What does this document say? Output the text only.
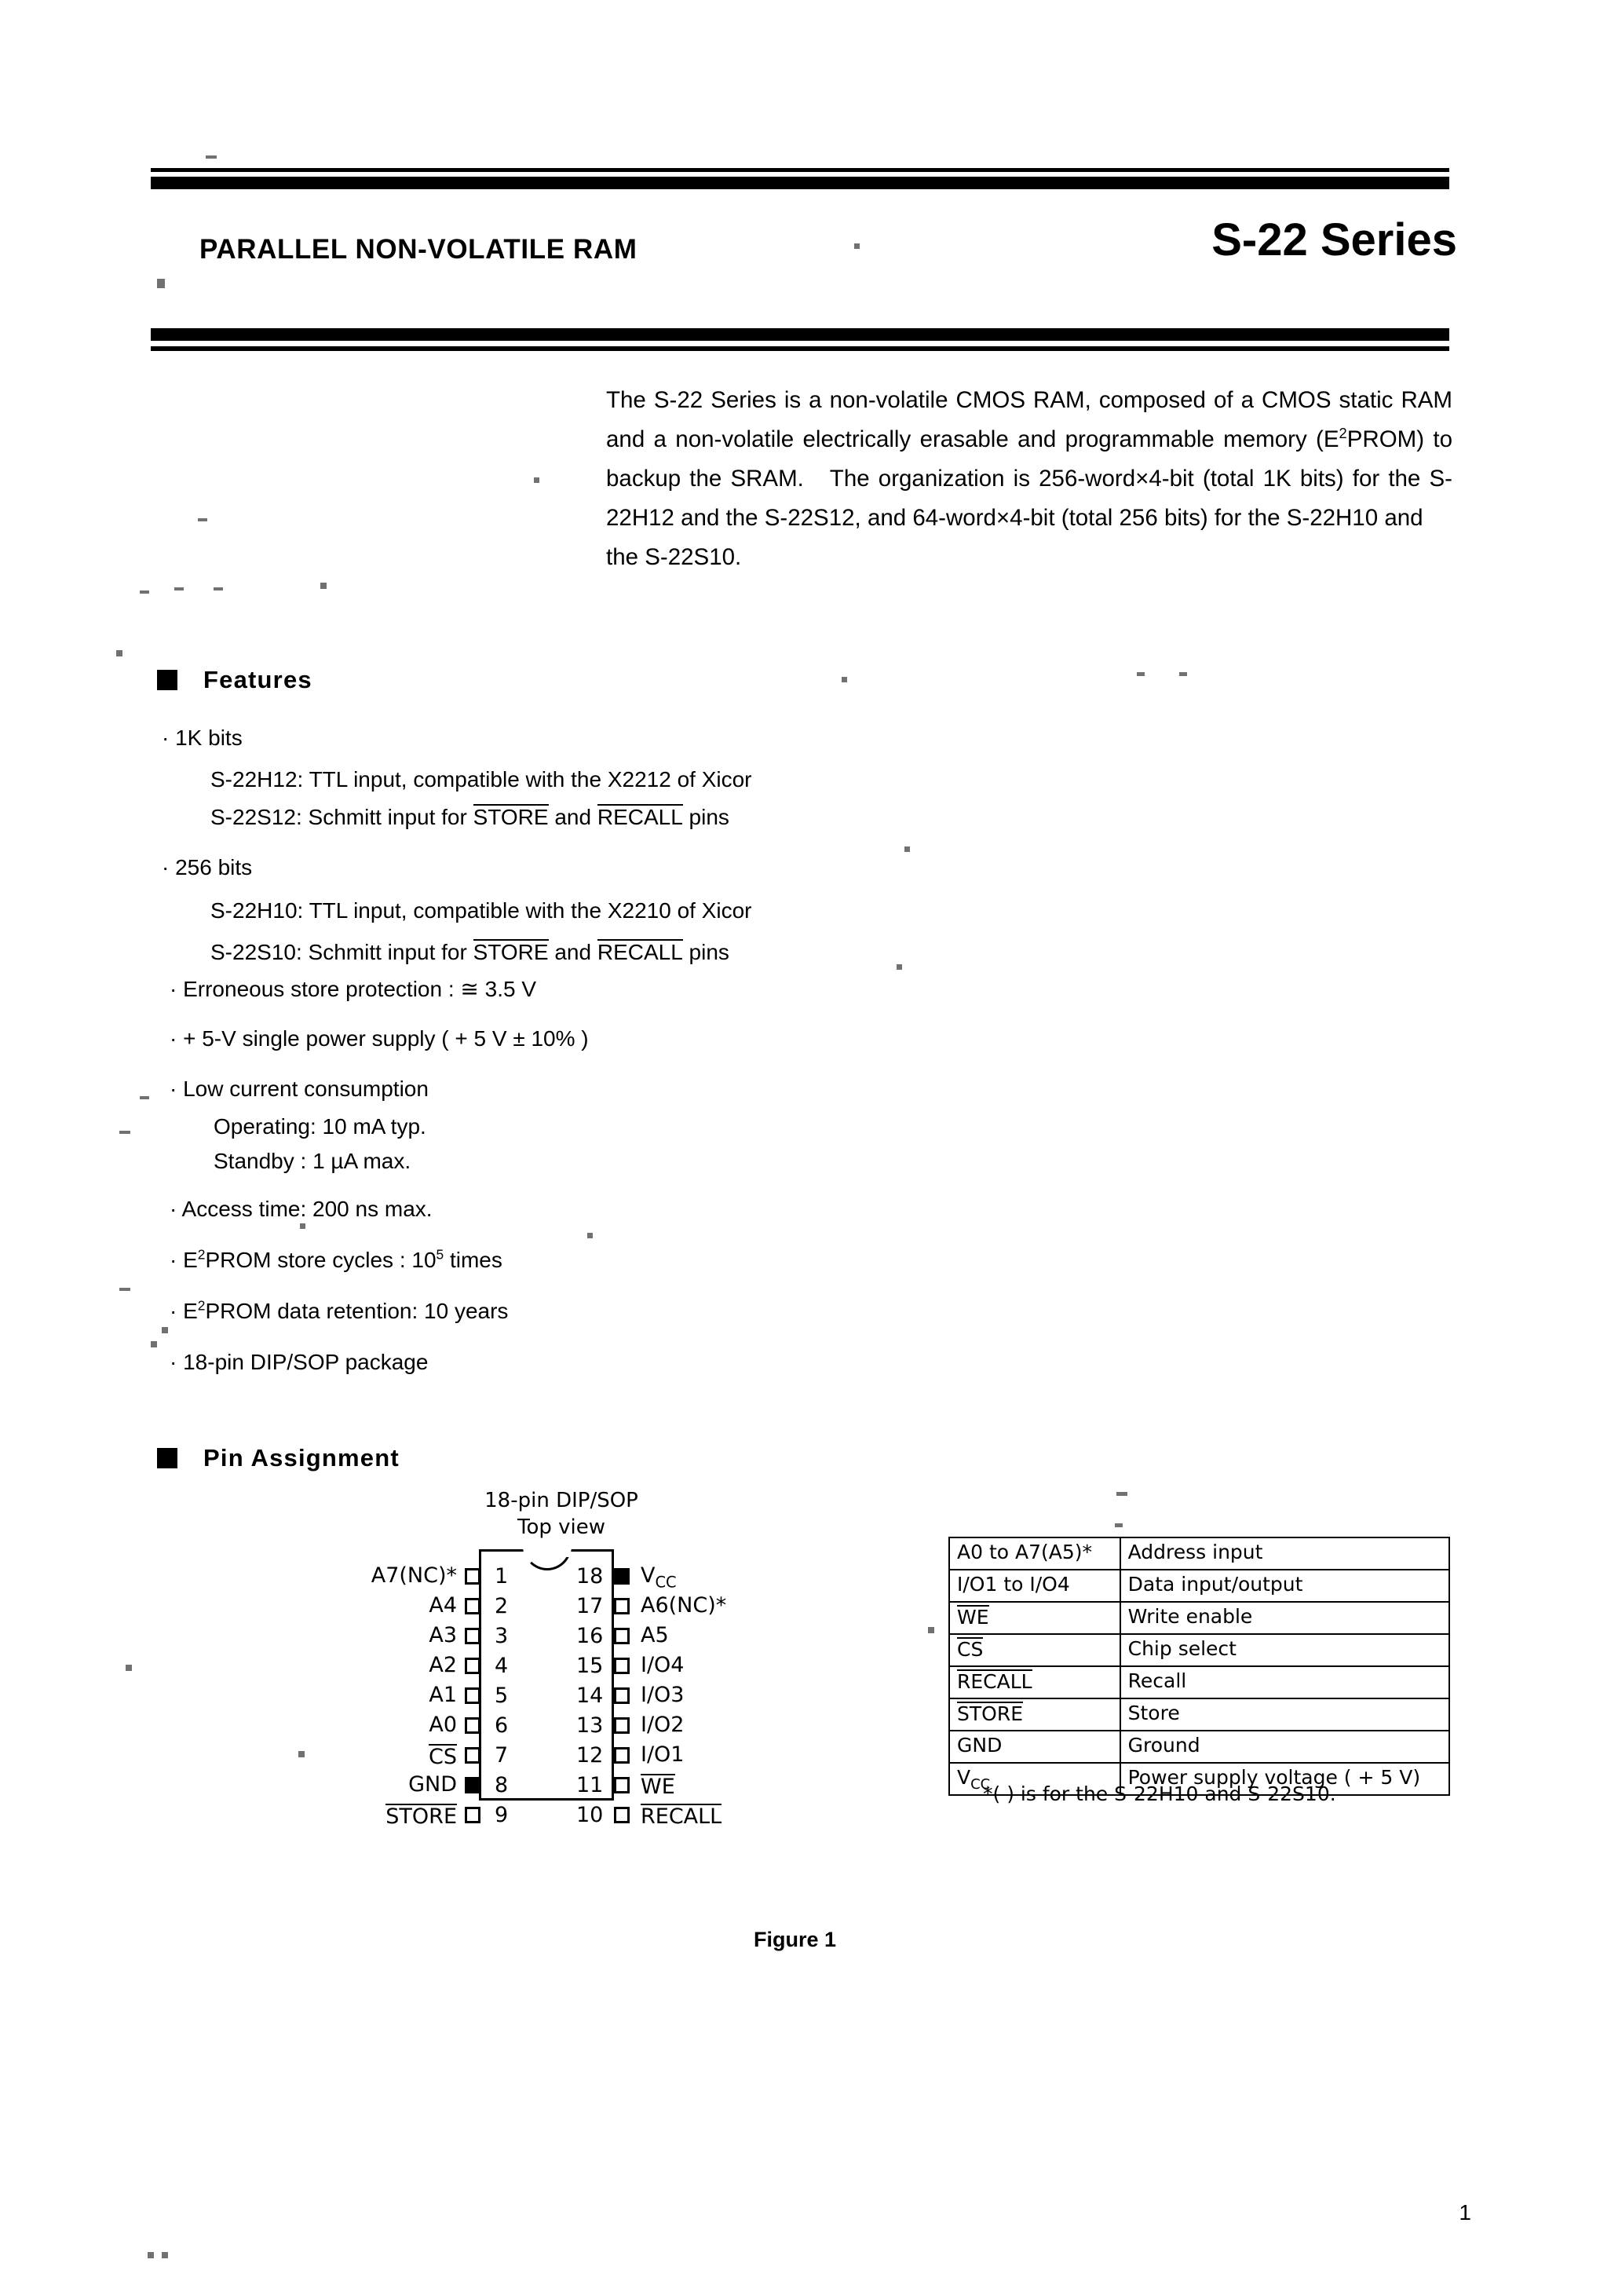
PARALLEL NON-VOLATILE RAM	S-22 Series
The S-22 Series is a non-volatile CMOS RAM, composed of a CMOS static RAM and a non-volatile electrically erasable and programmable memory $(E^2PROM)$ to backup the SRAM.   The organization is 256-word×4-bit (total 1K bits) for the S-22H12 and the S-22S12, and 64-word×4-bit (total 256 bits) for the S-22H10 and
the S-22S10.
Features
· 1K bits
S-22H12: TTL input, compatible with the X2212 of Xicor
S-22S12: Schmitt input for STORE and RECALL pins
· 256 bits
S-22H10: TTL input, compatible with the X2210 of Xicor
S-22S10: Schmitt input for STORE and RECALL pins
· Erroneous store protection : ≅ 3.5 V
· + 5-V single power supply ( + 5 V ± 10% )
· Low current consumption
Operating: 10 mA typ.
Standby : 1 µA max.
· Access time: 200 ns max.
· $E^2PROM$ store cycles : $10^5$ times
· $E^2PROM$ data retention: 10 years
· 18-pin DIP/SOP package
Pin Assignment
18-pin DIP/SOP
Top view
1
A7(NC)*
2
A4
3
A3
4
A2
5
A1
6
A0
7
CS
8
GND
9
STORE
18 $V_{CC}$
17 A6(NC)*
16 A5
15 I/O4
14 I/O3
13 I/O2
12 I/O1
11 WE
10 RECALL
Figure 1
A0 to A7(A5)*	Address input
I/O1 to I/O4	Data input/output
WE	Write enable
CS	Chip select
RECALL	Recall
STORE	Store
GND	Ground
$V_{CC}$	Power supply voltage ( + 5 V)
*( ) is for the S-22H10 and S-22S10.
1
